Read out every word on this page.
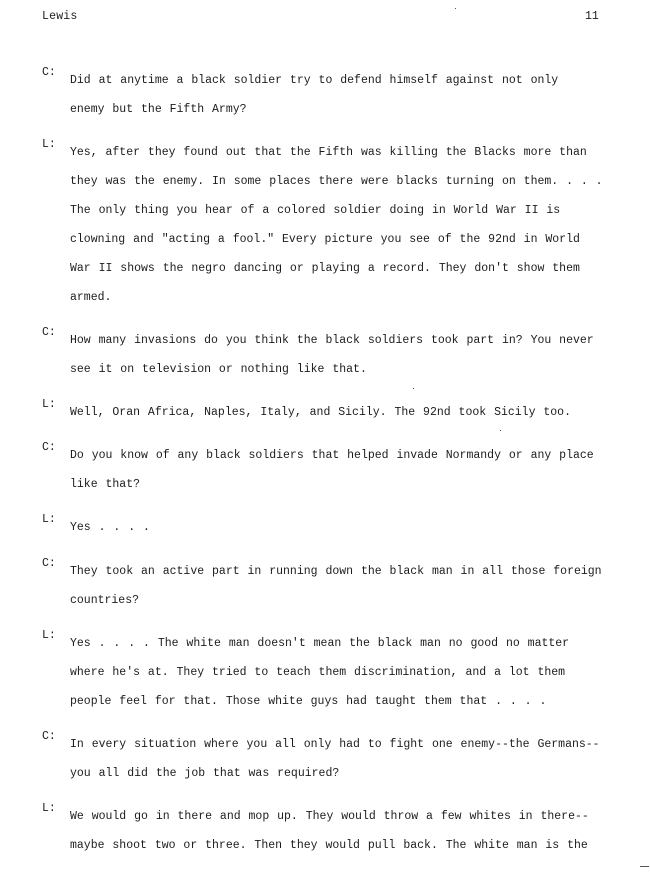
Lewis	11
C:
Did at anytime a black soldier try to defend himself against not only
enemy but the Fifth Army?
L:
Yes, after they found out that the Fifth was killing the Blacks more than
they was the enemy. In some places there were blacks turning on them. . . .
The only thing you hear of a colored soldier doing in World War II is
clowning and "acting a fool." Every picture you see of the 92nd in World
War II shows the negro dancing or playing a record. They don't show them
armed.
C:
How many invasions do you think the black soldiers took part in? You never
see it on television or nothing like that.
L:
Well, Oran Africa, Naples, Italy, and Sicily. The 92nd took Sicily too.
C:
Do you know of any black soldiers that helped invade Normandy or any place
like that?
L:
Yes . . . .
C:
They took an active part in running down the black man in all those foreign
countries?
L:
Yes . . . . The white man doesn't mean the black man no good no matter
where he's at. They tried to teach them discrimination, and a lot them
people feel for that. Those white guys had taught them that . . . .
C:
In every situation where you all only had to fight one enemy--the Germans--
you all did the job that was required?
L:
We would go in there and mop up. They would throw a few whites in there--
maybe shoot two or three. Then they would pull back. The white man is the
